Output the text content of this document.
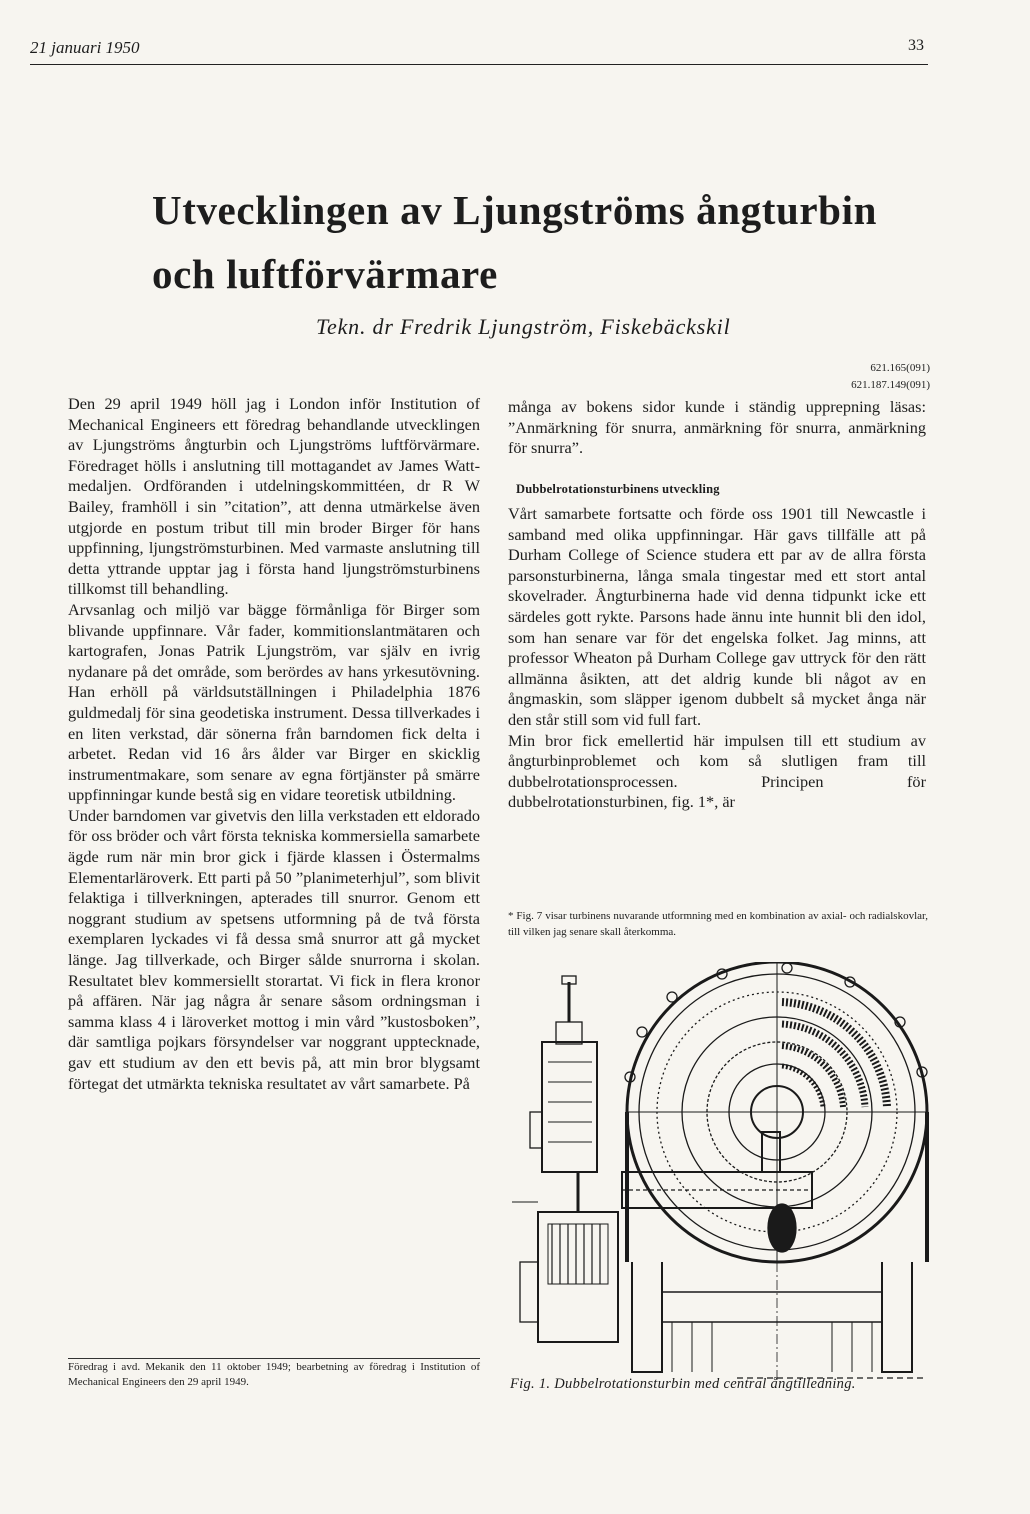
21 januari 1950	33
Utvecklingen av Ljungströms ångturbin och luftförvärmare
Tekn. dr Fredrik Ljungström, Fiskebäckskil
621.165(091)
621.187.149(091)

Den 29 april 1949 höll jag i London inför Institution of Mechanical Engineers ett föredrag behandlande utvecklingen av Ljungströms ångturbin och Ljungströms luftförvärmare. Föredraget hölls i anslutning till mottagandet av James Watt-medaljen. Ordföranden i utdelningskommittéen, dr R W Bailey, framhöll i sin ”citation”, att denna utmärkelse även utgjorde en postum tribut till min broder Birger för hans uppfinning, ljungströmsturbinen. Med varmaste anslutning till detta yttrande upptar jag i första hand ljungströmsturbinens tillkomst till behandling.

Arvsanlag och miljö var bägge förmånliga för Birger som blivande uppfinnare. Vår fader, kommitionslantmätaren och kartografen, Jonas Patrik Ljungström, var själv en ivrig nydanare på det område, som berördes av hans yrkesutövning. Han erhöll på världsutställningen i Philadelphia 1876 guldmedalj för sina geodetiska instrument. Dessa tillverkades i en liten verkstad, där sönerna från barndomen fick delta i arbetet. Redan vid 16 års ålder var Birger en skicklig instrumentmakare, som senare av egna förtjänster på smärre uppfinningar kunde bestå sig en vidare teoretisk utbildning.

Under barndomen var givetvis den lilla verkstaden ett eldorado för oss bröder och vårt första tekniska kommersiella samarbete ägde rum när min bror gick i fjärde klassen i Östermalms Elementarläroverk. Ett parti på 50 ”planimeterhjul”, som blivit felaktiga i tillverkningen, apterades till snurror. Genom ett noggrant studium av spetsens utformning på de två första exemplaren lyckades vi få dessa små snurror att gå mycket länge. Jag tillverkade, och Birger sålde snurrorna i skolan. Resultatet blev kommersiellt storartat. Vi fick in flera kronor på affären. När jag några år senare såsom ordningsman i samma klass 4 i läroverket mottog i min vård ”kustosboken”, där samtliga pojkars försyndelser var noggrant upptecknade, gav ett studium av den ett bevis på, att min bror blygsamt förtegat det utmärkta tekniska resultatet av vårt samarbete. På

Föredrag i avd. Mekanik den 11 oktober 1949; bearbetning av föredrag i Institution of Mechanical Engineers den 29 april 1949.

många av bokens sidor kunde i ständig upprepning läsas: ”Anmärkning för snurra, anmärkning för snurra, anmärkning för snurra”.

Dubbelrotationsturbinens utveckling

Vårt samarbete fortsatte och förde oss 1901 till Newcastle i samband med olika uppfinningar. Här gavs tillfälle att på Durham College of Science studera ett par av de allra första parsonsturbinerna, långa smala tingestar med ett stort antal skovelrader. Ångturbinerna hade vid denna tidpunkt icke ett särdeles gott rykte. Parsons hade ännu inte hunnit bli den idol, som han senare var för det engelska folket. Jag minns, att professor Wheaton på Durham College gav uttryck för den rätt allmänna åsikten, att det aldrig kunde bli något av en ångmaskin, som släpper igenom dubbelt så mycket ånga när den står still som vid full fart.

Min bror fick emellertid här impulsen till ett studium av ångturbinproblemet och kom så slutligen fram till dubbelrotationsprocessen. Principen för dubbelrotationsturbinen, fig. 1*, är

* Fig. 7 visar turbinens nuvarande utformning med en kombination av axial- och radialskovlar, till vilken jag senare skall återkomma.
Fig. 1. Dubbelrotationsturbin med central ångtilledning.
